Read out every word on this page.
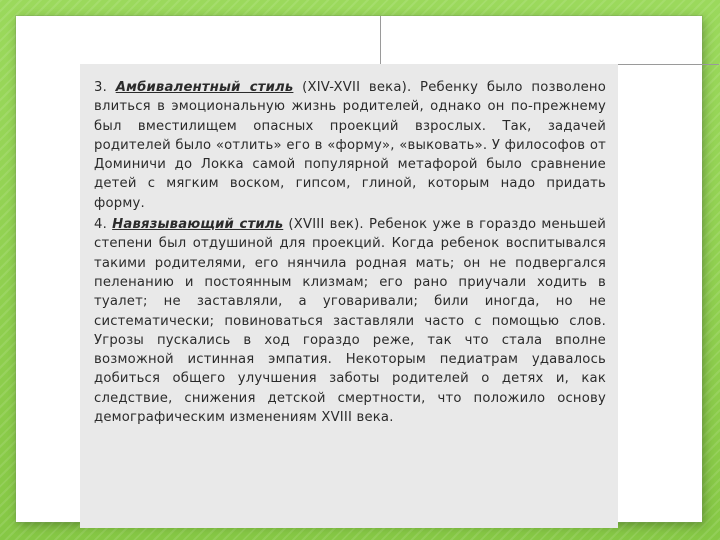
3. Амбивалентный стиль (XIV-XVII века). Ребенку было позволено влиться в эмоциональную жизнь родителей, однако он по-прежнему был вместилищем опасных проекций взрослых. Так, задачей родителей было «отлить» его в «форму», «выковать». У философов от Доминичи до Локка самой популярной метафорой было сравнение детей с мягким воском, гипсом, глиной, которым надо придать форму.

4. Навязывающий стиль (XVIII век). Ребенок уже в гораздо меньшей степени был отдушиной для проекций. Когда ребенок воспитывался такими родителями, его нянчила родная мать; он не подвергался пеленанию и постоянным клизмам; его рано приучали ходить в туалет; не заставляли, а уговаривали; били иногда, но не систематически; повиноваться заставляли часто с помощью слов. Угрозы пускались в ход гораздо реже, так что стала вполне возможной истинная эмпатия. Некоторым педиатрам удавалось добиться общего улучшения заботы родителей о детях и, как следствие, снижения детской смертности, что положило основу демографическим изменениям XVIII века.
